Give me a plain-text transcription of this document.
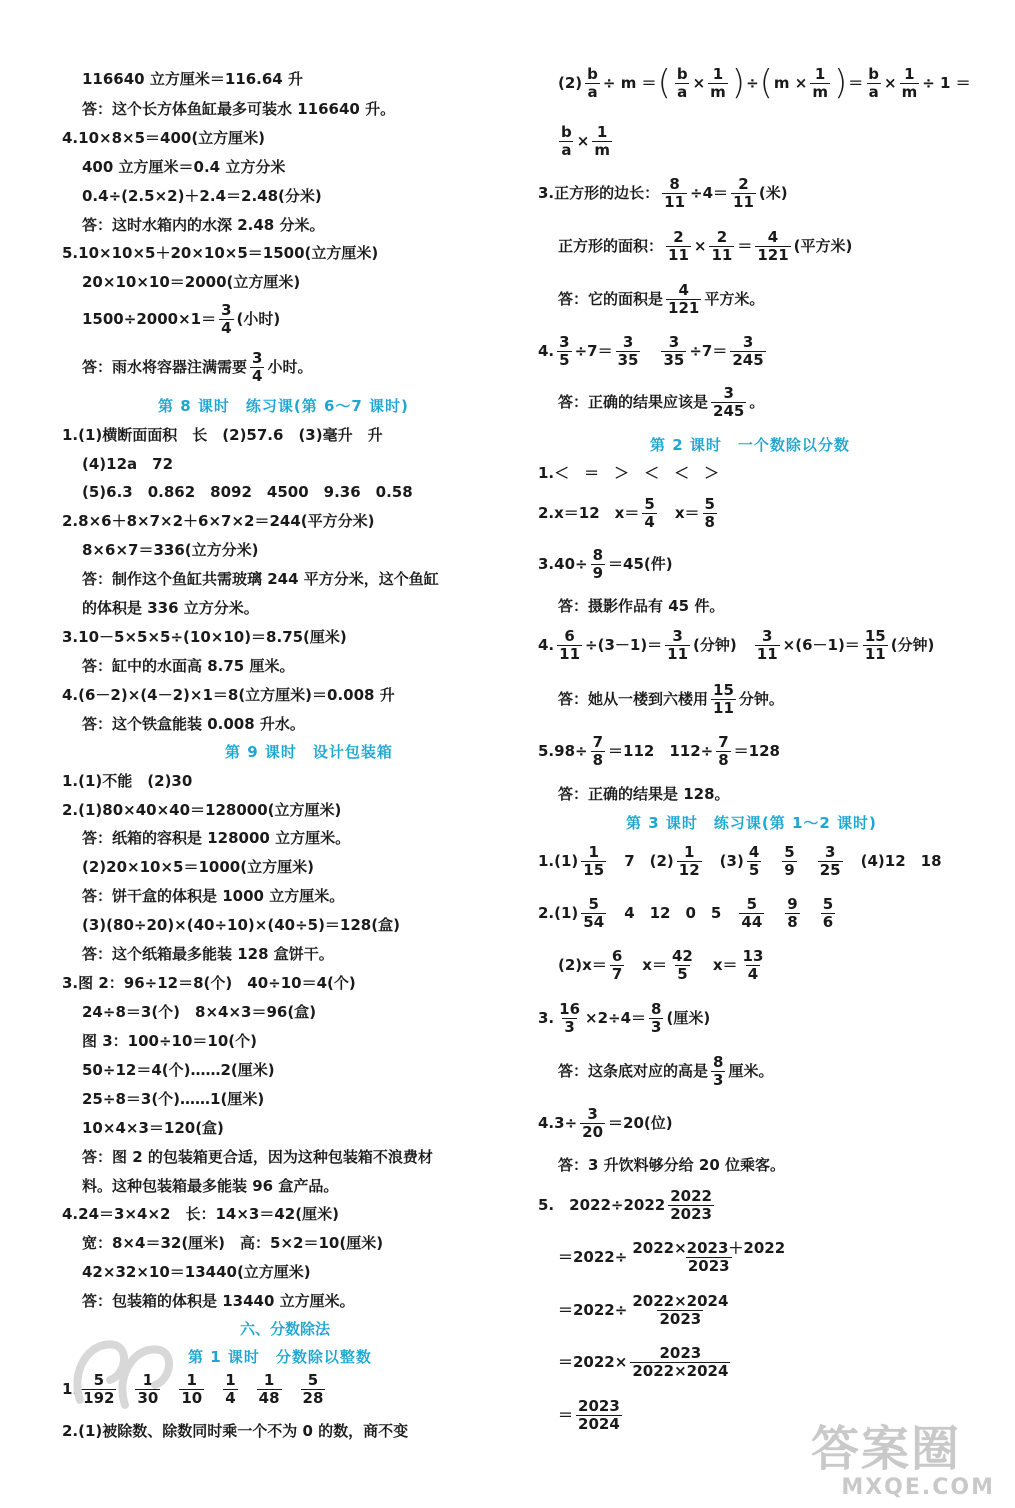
116640 立方厘米＝116.64 升
答：这个长方体鱼缸最多可装水 116640 升。
4.10×8×5＝400(立方厘米)
400 立方厘米＝0.4 立方分米
0.4÷(2.5×2)＋2.4＝2.48(分米)
答：这时水箱内的水深 2.48 分米。
5.10×10×5＋20×10×5＝1500(立方厘米)
20×10×10＝2000(立方厘米)
1500÷2000×1＝ 3
4 (小时)
答：雨水将容器注满需要 3
4 小时。
第 8 课时　练习课(第 6～7 课时)
1.(1)横断面面积　长　(2)57.6　(3)毫升　升
(4)12a　72
(5)6.3　0.862　8092　4500　9.36　0.58
2.8×6＋8×7×2＋6×7×2＝244(平方分米)
8×6×7＝336(立方分米)
答：制作这个鱼缸共需玻璃 244 平方分米，这个鱼缸
的体积是 336 立方分米。
3.10－5×5×5÷(10×10)＝8.75(厘米)
答：缸中的水面高 8.75 厘米。
4.(6－2)×(4－2)×1＝8(立方厘米)＝0.008 升
答：这个铁盒能装 0.008 升水。
第 9 课时　设计包装箱
1.(1)不能　(2)30
2.(1)80×40×40＝128000(立方厘米)
答：纸箱的容积是 128000 立方厘米。
(2)20×10×5＝1000(立方厘米)
答：饼干盒的体积是 1000 立方厘米。
(3)(80÷20)×(40÷10)×(40÷5)＝128(盒)
答：这个纸箱最多能装 128 盒饼干。
3.图 2：96÷12＝8(个)　40÷10＝4(个)
24÷8＝3(个)　8×4×3＝96(盒)
图 3：100÷10＝10(个)
50÷12＝4(个)……2(厘米)
25÷8＝3(个)……1(厘米)
10×4×3＝120(盒)
答：图 2 的包装箱更合适，因为这种包装箱不浪费材
料。这种包装箱最多能装 96 盒产品。
4.24＝3×4×2　长：14×3＝42(厘米)
宽：8×4＝32(厘米)　高：5×2＝10(厘米)
42×32×10＝13440(立方厘米)
答：包装箱的体积是 13440 立方厘米。
六、分数除法
第 1 课时　分数除以整数
1. 5
192
1
30
1
10
1
4
1
48
5
28
2.(1)被除数、除数同时乘一个不为 0 的数，商不变
$(2) \frac{b}{a} \div m$ ＝ ( $\frac{b}{a} \times \frac{1}{m}$ ) ÷ ( $m \times \frac{1}{m}$ ) ＝ $\frac{b}{a} \times \frac{1}{m} \div 1$ ＝
$\frac{b}{a} \times \frac{1}{m}$
3.正方形的边长： $\frac{8}{11} \div 4= 2$
11 (米)
正方形的面积： $\frac{2}{11} \times \frac{2}{11} = 4$
121 (平方米)
答：它的面积是 4
121 平方米。
4. $\frac{3}{5} \div 7= 3$
35
　 $\frac{3}{35} \div 7= 3$
245
答：正确的结果应该是 3
245 。
第 2 课时　一个数除以分数
1.＜　＝　＞　＜　＜　＞
2.x＝12　x＝ 5
4
　 x＝ 5
8
$3.40\div \frac{8}{9} =45$(件)
答：摄影作品有 45 件。
4. $\frac{6}{11} \div(3-1)= 3$
11 (分钟)
　 $\frac{3}{11} \times(6-1)= 15$
11 (分钟)
答：她从一楼到六楼用 15
11 分钟。
$5.98\div \frac{7}{8} =112$　$112\div \frac{7}{8} =128$
答：正确的结果是 128。
第 3 课时　练习课(第 1～2 课时)
1.(1) 1
15
　 7　(2) 1
12
　 (3) 4
5

5
9

3
25
　 (4)12　18
2.(1) 5
54
　 4　12　0　5
　 5
44

9
8

5
6
(2)x＝ 6
7
　 x＝ 42
5
　 x＝ 13
4
3. $\frac{16}{3} \times 2\div 4= 8$
3 (厘米)
答：这条底对应的高是 8
3 厘米。
$4.3\div \frac{3}{20} =20$(位)
答：3 升饮料够分给 20 位乘客。
5.　2022÷2022 2022
2023
$=2022\div \frac{2022\times 2023+2022}{2023}$
$=2022\div \frac{2022\times 2024}{2023}$
$=2022\times \frac{2023}{2022\times 2024}$
＝ 2023
2024	答案圈
MXQE.COM
